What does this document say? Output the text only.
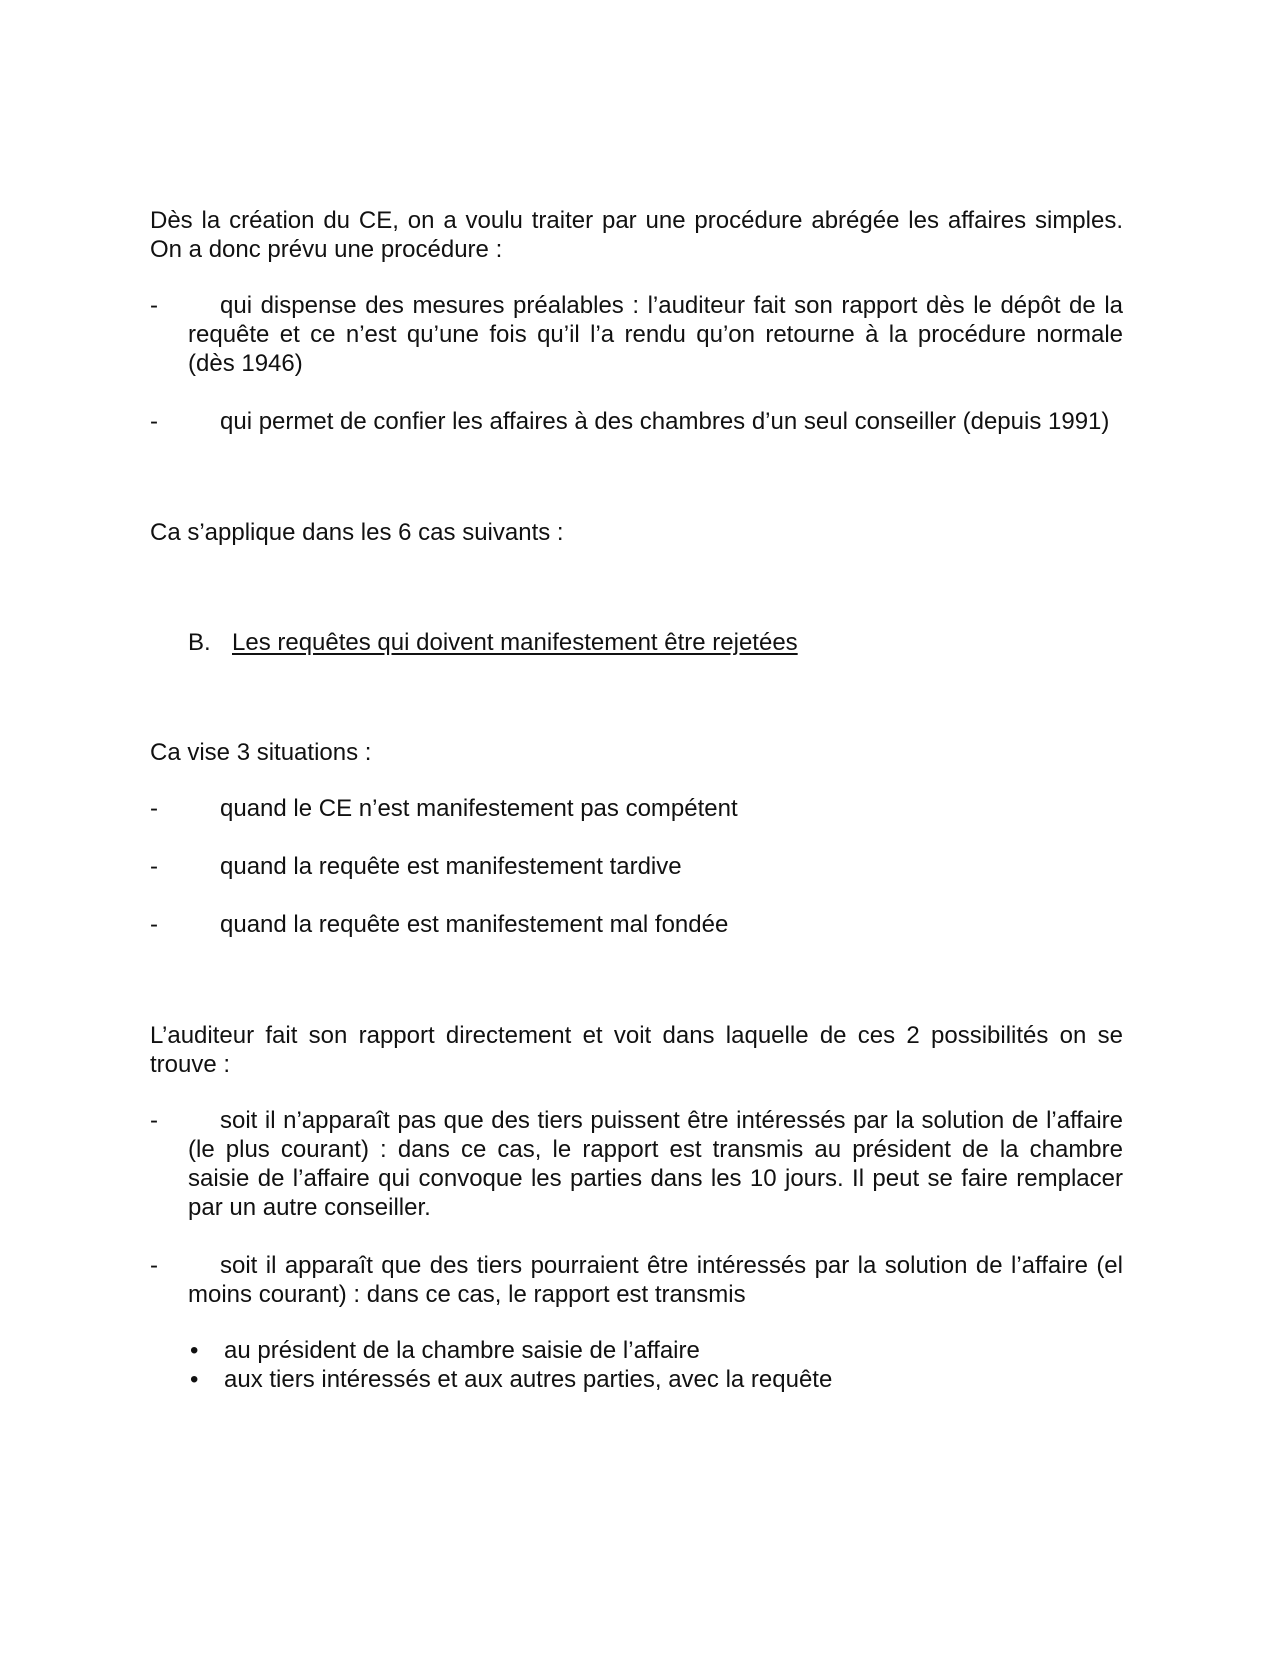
Dès la création du CE, on a voulu traiter par une procédure abrégée les affaires simples. On a donc prévu une procédure :

-	qui dispense des mesures préalables : l’auditeur fait son rapport dès le dépôt de la requête et ce n’est qu’une fois qu’il l’a rendu qu’on retourne à la procédure normale (dès 1946)
-	qui permet de confier les affaires à des chambres d’un seul conseiller (depuis 1991)

Ca s’applique dans les 6 cas suivants :

B. Les requêtes qui doivent manifestement être rejetées

Ca vise 3 situations :

-	quand le CE n’est manifestement pas compétent
-	quand la requête est manifestement tardive
-	quand la requête est manifestement mal fondée

L’auditeur fait son rapport directement et voit dans laquelle de ces 2 possibilités on se trouve :

-	soit il n’apparaît pas que des tiers puissent être intéressés par la solution de l’affaire (le plus courant) : dans ce cas, le rapport est transmis au président de la chambre saisie de l’affaire qui convoque les parties dans les 10 jours. Il peut se faire remplacer par un autre conseiller.
-	soit il apparaît que des tiers pourraient être intéressés par la solution de l’affaire (el moins courant) : dans ce cas, le rapport est transmis
• au président de la chambre saisie de l’affaire
• aux tiers intéressés et aux autres parties, avec la requête
